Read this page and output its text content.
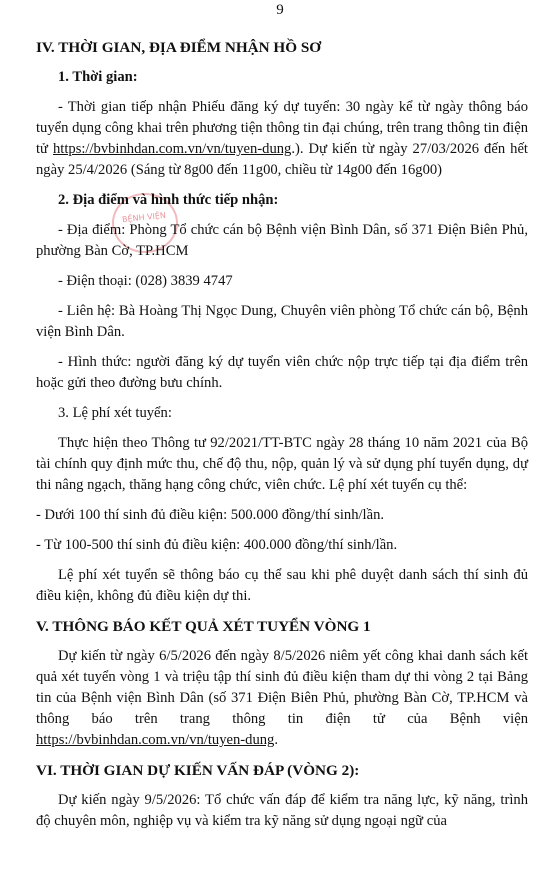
9
BỆNH VIỆN
IV. THỜI GIAN, ĐỊA ĐIỂM NHẬN HỒ SƠ
1. Thời gian:

- Thời gian tiếp nhận Phiếu đăng ký dự tuyển: 30 ngày kể từ ngày thông báo tuyển dụng công khai trên phương tiện thông tin đại chúng, trên trang thông tin điện tử https://bvbinhdan.com.vn/vn/tuyen-dung.). Dự kiến từ ngày 27/03/2026 đến hết ngày 25/4/2026 (Sáng từ 8g00 đến 11g00, chiều từ 14g00 đến 16g00)

2. Địa điểm và hình thức tiếp nhận:

- Địa điểm: Phòng Tổ chức cán bộ Bệnh viện Bình Dân, số 371 Điện Biên Phủ, phường Bàn Cờ, TP.HCM

- Điện thoại: (028) 3839 4747

- Liên hệ: Bà Hoàng Thị Ngọc Dung, Chuyên viên phòng Tổ chức cán bộ, Bệnh viện Bình Dân.

- Hình thức: người đăng ký dự tuyển viên chức nộp trực tiếp tại địa điểm trên hoặc gửi theo đường bưu chính.

3. Lệ phí xét tuyển:

Thực hiện theo Thông tư 92/2021/TT-BTC ngày 28 tháng 10 năm 2021 của Bộ tài chính quy định mức thu, chế độ thu, nộp, quản lý và sử dụng phí tuyển dụng, dự thi nâng ngạch, thăng hạng công chức, viên chức. Lệ phí xét tuyển cụ thể:

- Dưới 100 thí sinh đủ điều kiện: 500.000 đồng/thí sinh/lần.

- Từ 100-500 thí sinh đủ điều kiện: 400.000 đồng/thí sinh/lần.

Lệ phí xét tuyển sẽ thông báo cụ thể sau khi phê duyệt danh sách thí sinh đủ điều kiện, không đủ điều kiện dự thi.

V. THÔNG BÁO KẾT QUẢ XÉT TUYỂN VÒNG 1

Dự kiến từ ngày 6/5/2026 đến ngày 8/5/2026 niêm yết công khai danh sách kết quả xét tuyển vòng 1 và triệu tập thí sinh đủ điều kiện tham dự thi vòng 2 tại Bảng tin của Bệnh viện Bình Dân (số 371 Điện Biên Phủ, phường Bàn Cờ, TP.HCM và thông báo trên trang thông tin điện tử của Bệnh viện https://bvbinhdan.com.vn/vn/tuyen-dung.

VI. THỜI GIAN DỰ KIẾN VẤN ĐÁP (VÒNG 2):

Dự kiến ngày 9/5/2026: Tổ chức vấn đáp để kiểm tra năng lực, kỹ năng, trình độ chuyên môn, nghiệp vụ và kiểm tra kỹ năng sử dụng ngoại ngữ của
